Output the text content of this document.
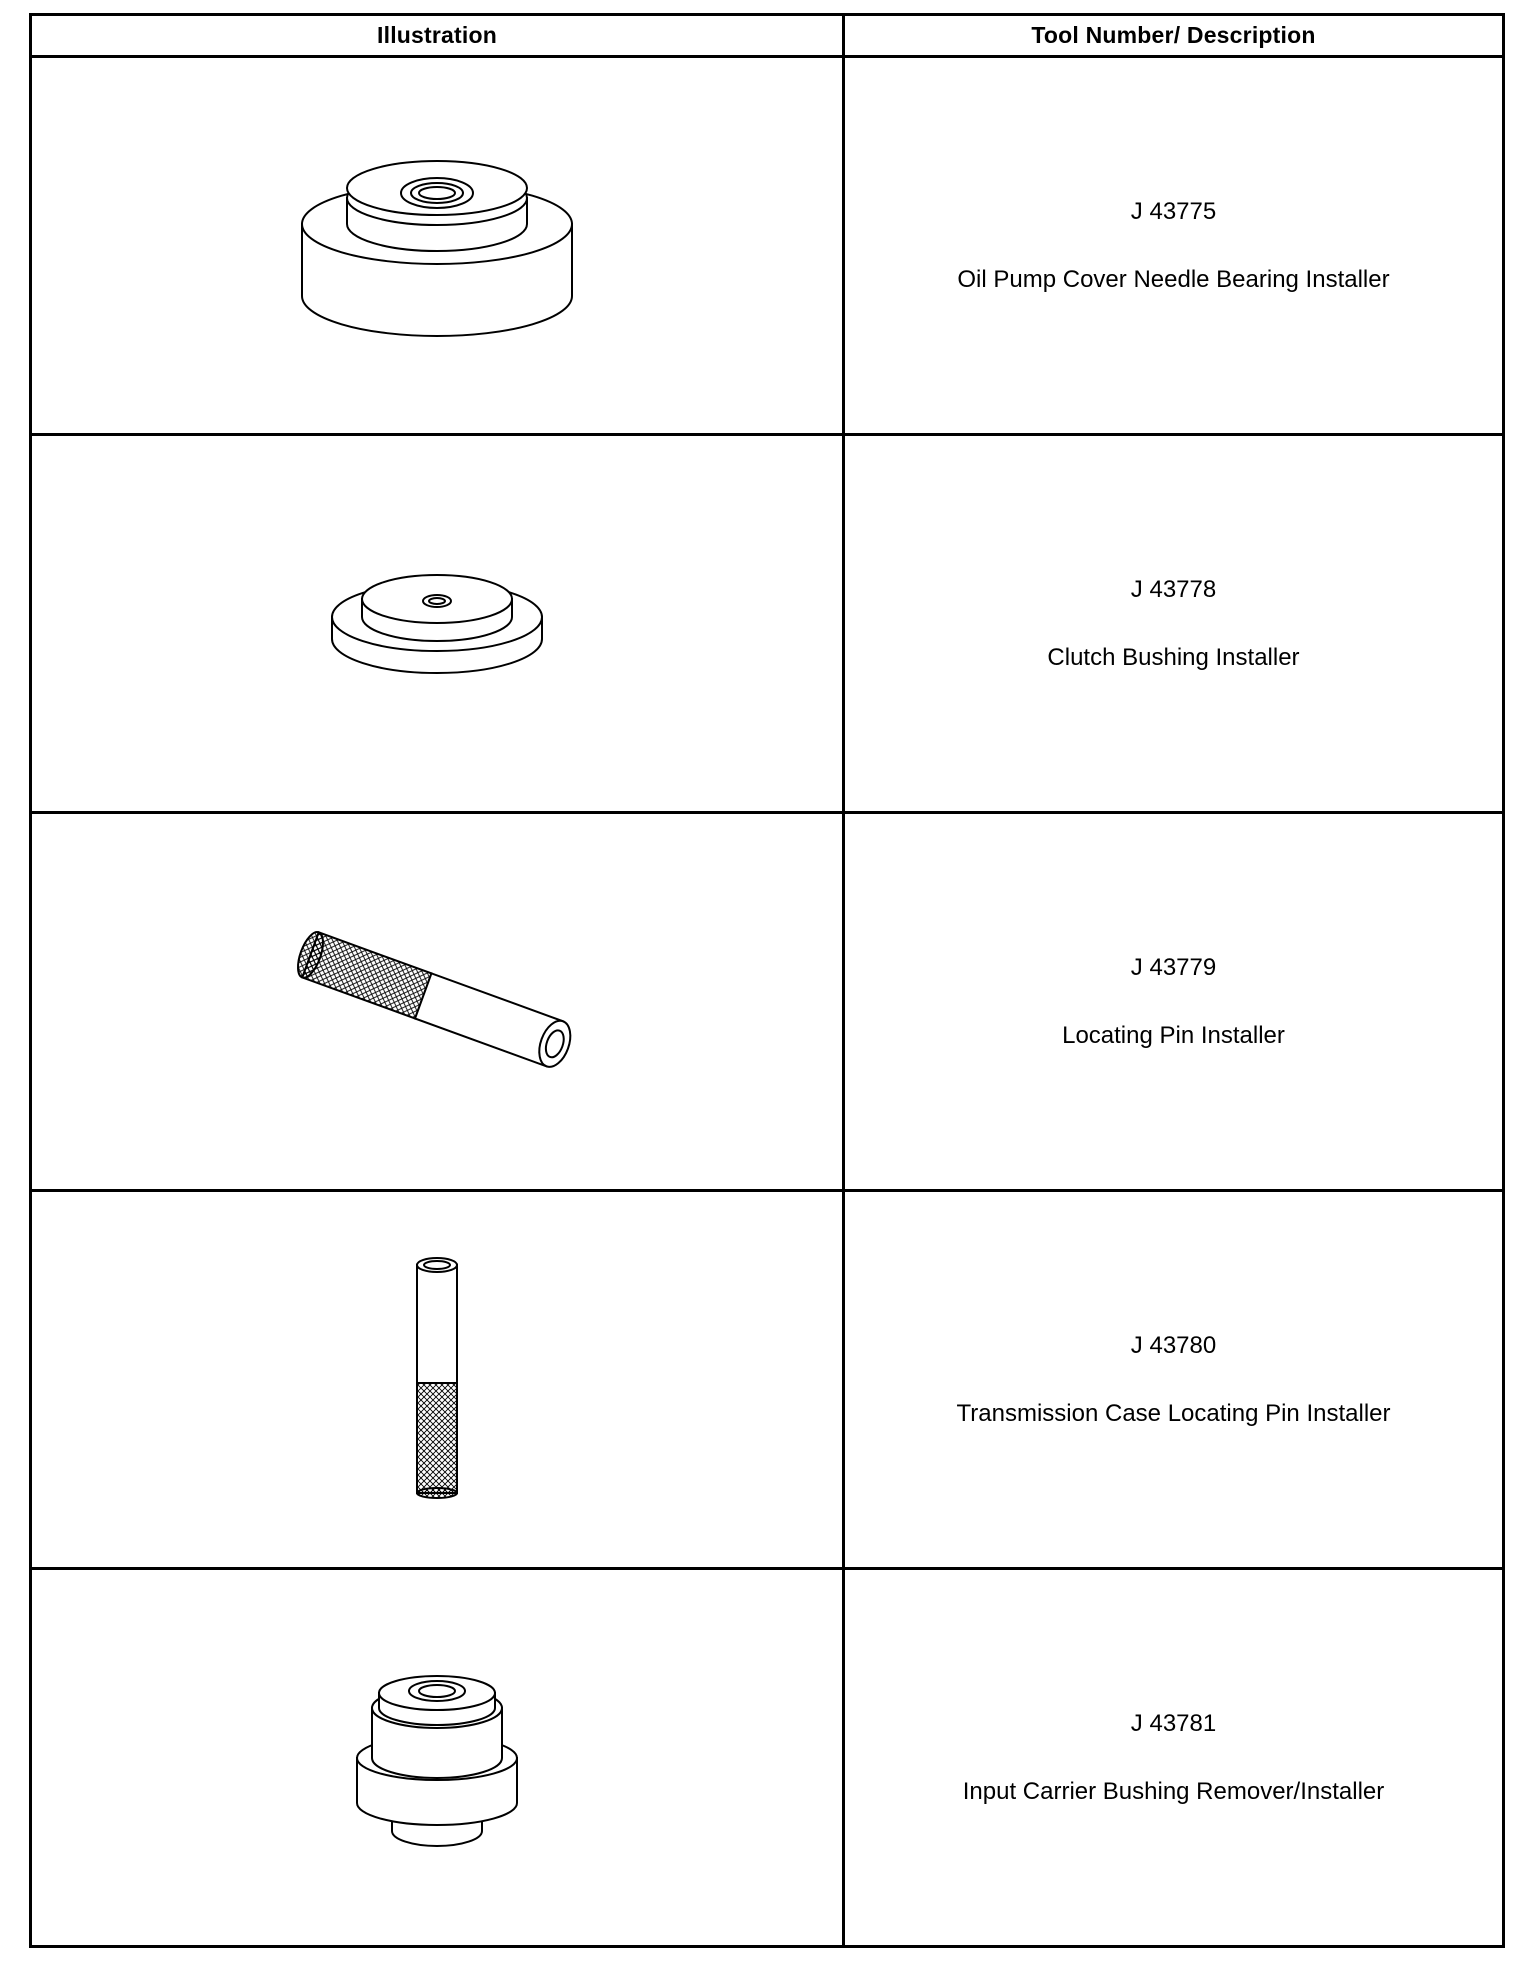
Illustration	Tool Number/ Description

J 43775
Oil Pump Cover Needle Bearing Installer

J 43778
Clutch Bushing Installer

J 43779
Locating Pin Installer

J 43780
Transmission Case Locating Pin Installer

J 43781
Input Carrier Bushing Remover/Installer
